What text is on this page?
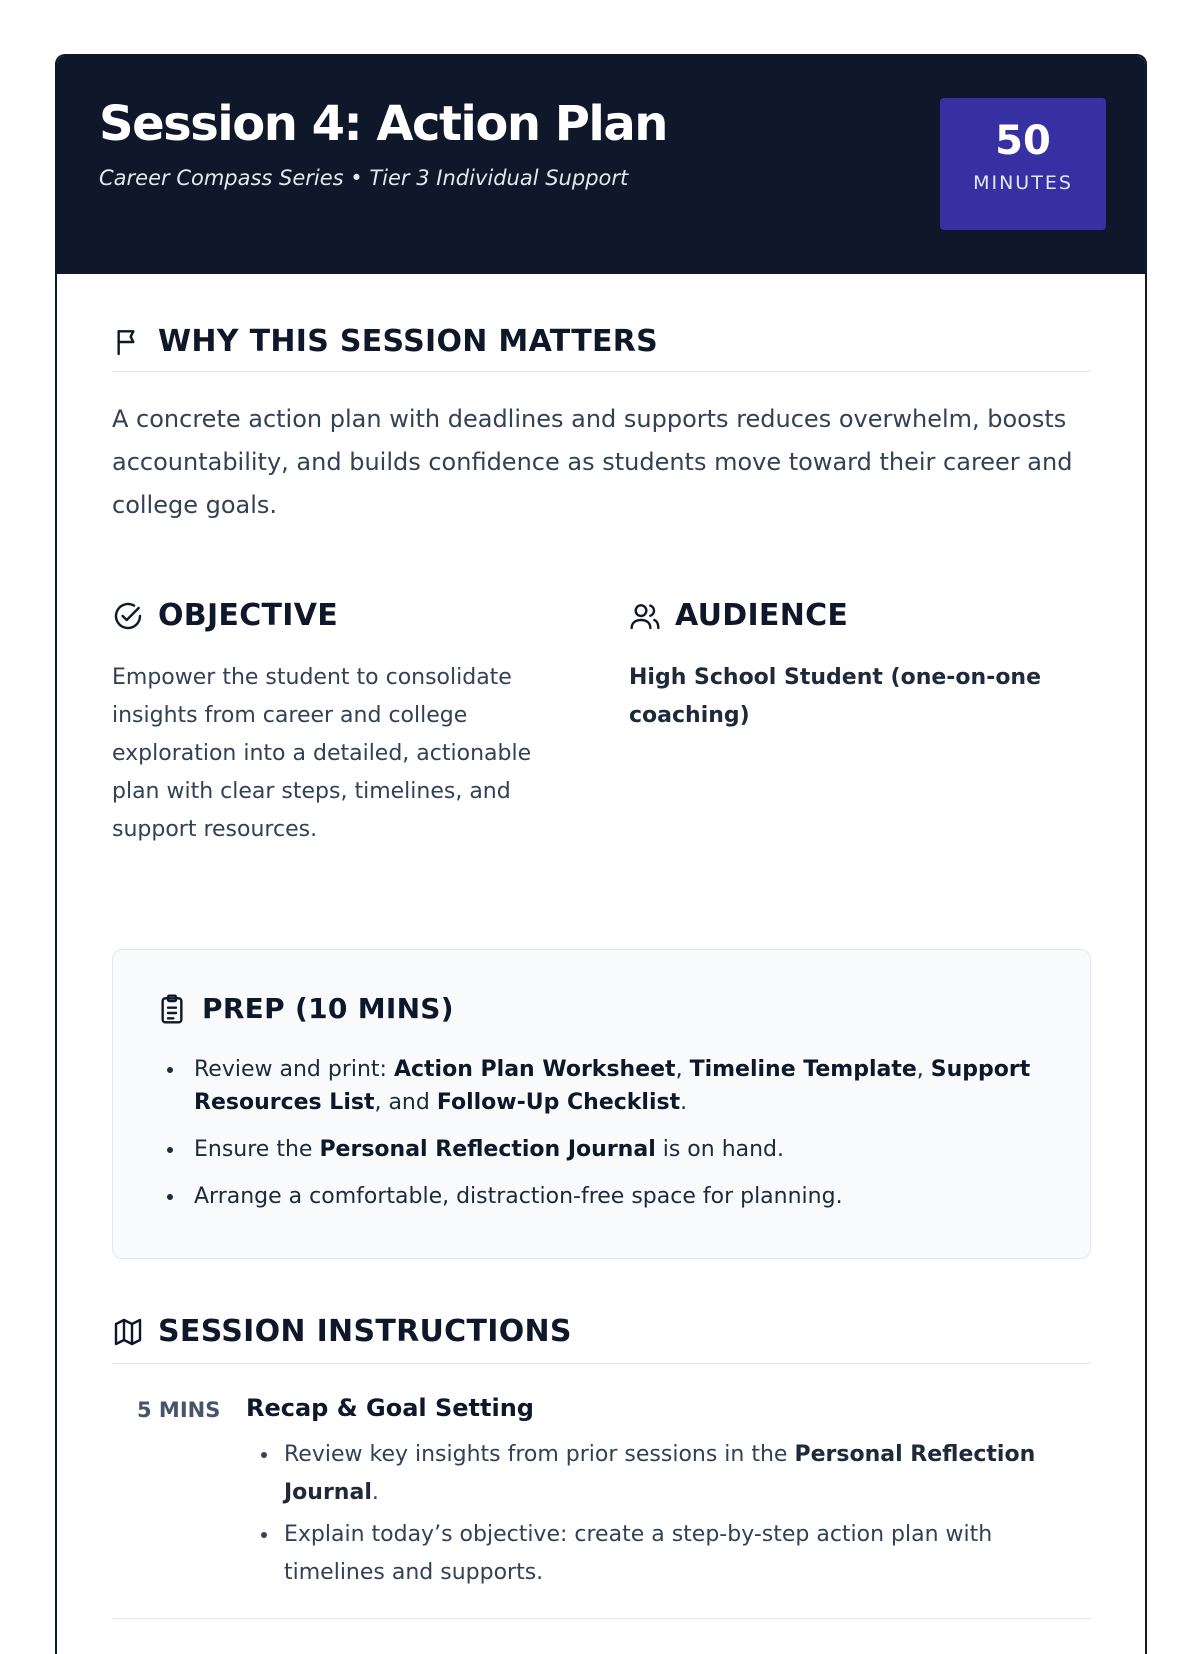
Session 4: Action Plan
Career Compass Series • Tier 3 Individual Support
50
MINUTES
WHY THIS SESSION MATTERS

A concrete action plan with deadlines and supports reduces overwhelm, boosts accountability, and builds confidence as students move toward their career and college goals.

OBJECTIVE

Empower the student to consolidate insights from career and college exploration into a detailed, actionable plan with clear steps, timelines, and support resources.

AUDIENCE

High School Student (one-on-one coaching)

PREP (10 MINS)
• Review and print: Action Plan Worksheet, Timeline Template, Support Resources List, and Follow-Up Checklist.
• Ensure the Personal Reflection Journal is on hand.
• Arrange a comfortable, distraction-free space for planning.
SESSION INSTRUCTIONS
5 MINS Recap & Goal Setting
• Review key insights from prior sessions in the Personal Reflection Journal.
• Explain today’s objective: create a step-by-step action plan with timelines and supports.
